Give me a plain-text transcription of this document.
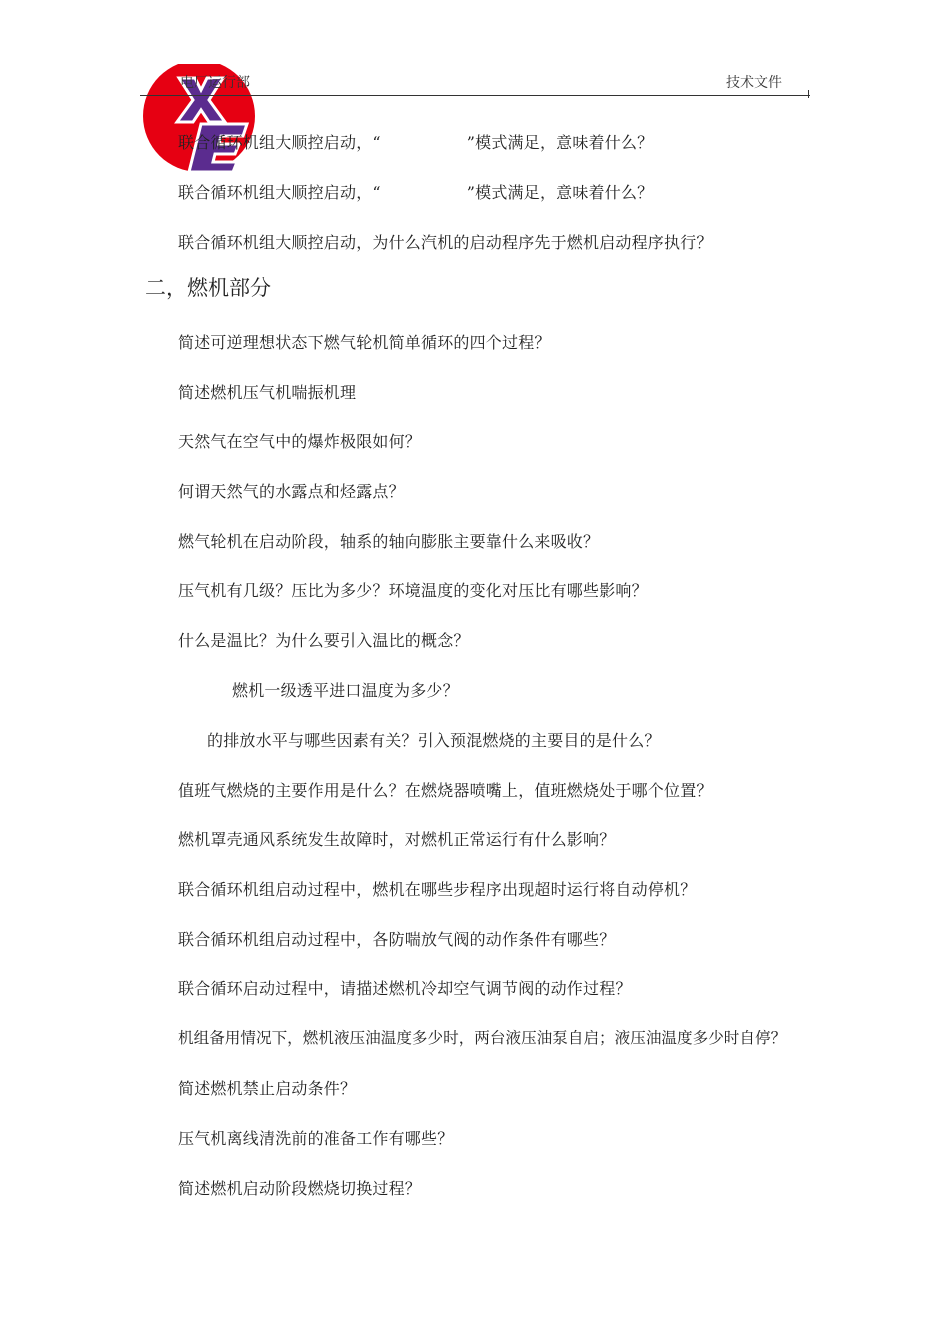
电厂运行部	技术文件
联合循环机组大顺控启动，“	”模式满足，意味着什么？
联合循环机组大顺控启动，“	”模式满足，意味着什么？
联合循环机组大顺控启动，为什么汽机的启动程序先于燃机启动程序执行？
二，燃机部分
简述可逆理想状态下燃气轮机简单循环的四个过程？
简述燃机压气机喘振机理
天然气在空气中的爆炸极限如何？
何谓天然气的水露点和烃露点？
燃气轮机在启动阶段，轴系的轴向膨胀主要靠什么来吸收？
压气机有几级？压比为多少？环境温度的变化对压比有哪些影响？
什么是温比？为什么要引入温比的概念？
燃机一级透平进口温度为多少？
的排放水平与哪些因素有关？引入预混燃烧的主要目的是什么？
值班气燃烧的主要作用是什么？在燃烧器喷嘴上，值班燃烧处于哪个位置？
燃机罩壳通风系统发生故障时，对燃机正常运行有什么影响？
联合循环机组启动过程中，燃机在哪些步程序出现超时运行将自动停机？
联合循环机组启动过程中，各防喘放气阀的动作条件有哪些？
联合循环启动过程中，请描述燃机冷却空气调节阀的动作过程？
机组备用情况下，燃机液压油温度多少时，两台液压油泵自启；液压油温度多少时自停？
简述燃机禁止启动条件？
压气机离线清洗前的准备工作有哪些？
简述燃机启动阶段燃烧切换过程？
